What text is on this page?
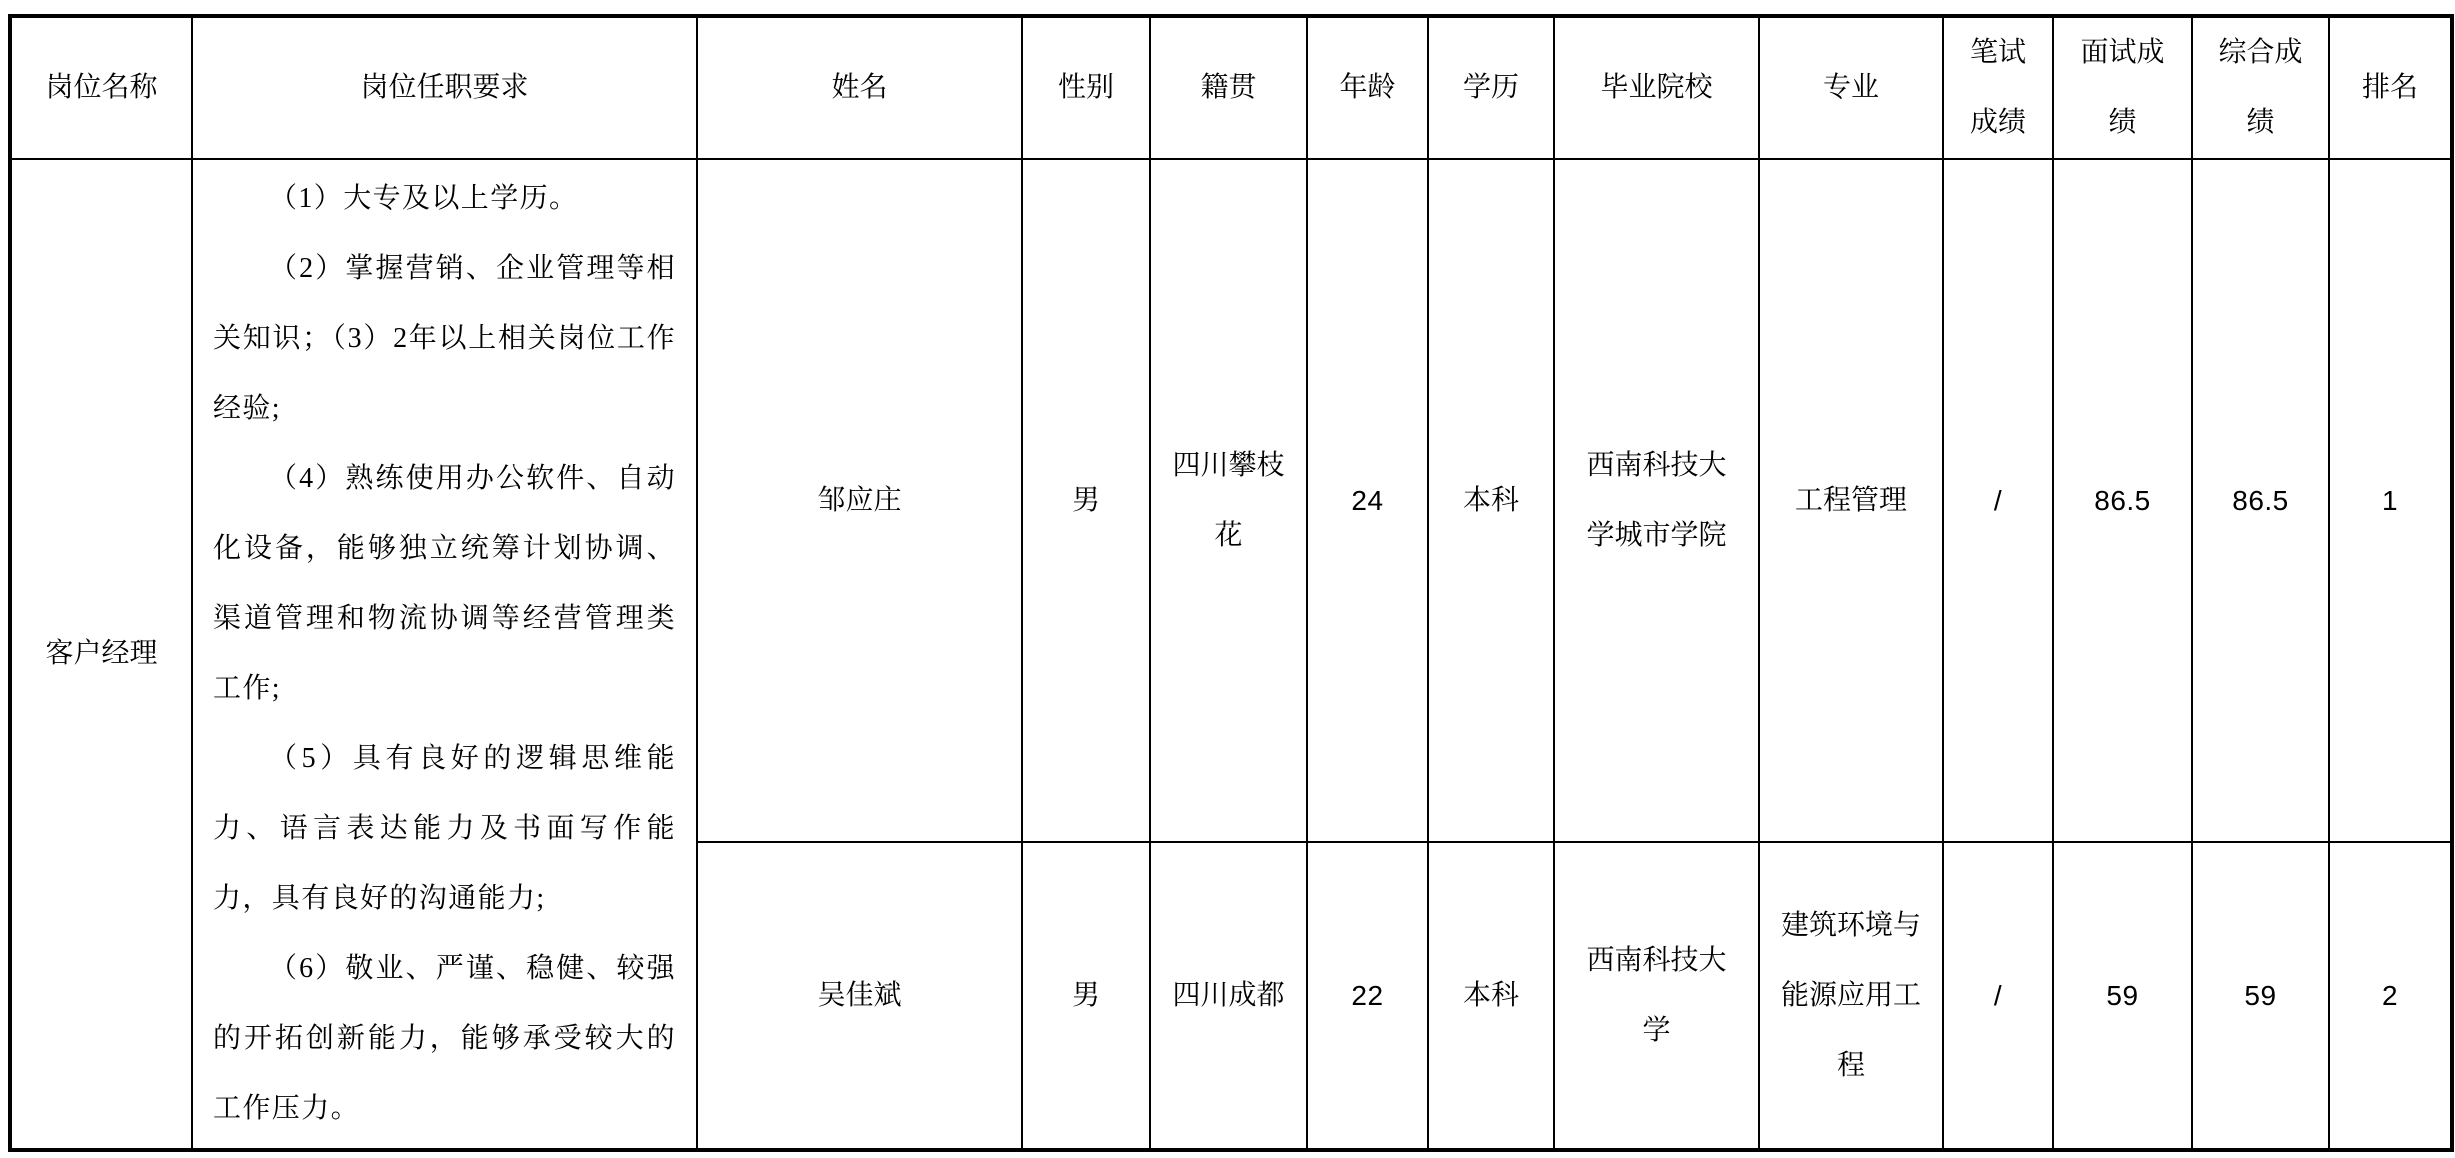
岗位名称	岗位任职要求	姓名	性别	籍贯	年龄	学历	毕业院校	专业	笔试成绩	面试成绩	综合成绩	排名
客户经理	（1）大专及以上学历。

（2）掌握营销、企业管理等相关知识；（3）2年以上相关岗位工作经验;

（4）熟练使用办公软件、自动化设备，能够独立统筹计划协调、渠道管理和物流协调等经营管理类工作;

（5）具有良好的逻辑思维能力、语言表达能力及书面写作能力，具有良好的沟通能力;

（6）敬业、严谨、稳健、较强的开拓创新能力，能够承受较大的工作压力。	邹应庄	男	四川攀枝花	24	本科	西南科技大学城市学院	工程管理	/	86.5	86.5	1
		吴佳斌	男	四川成都	22	本科	西南科技大学	建筑环境与能源应用工程	/	59	59	2
